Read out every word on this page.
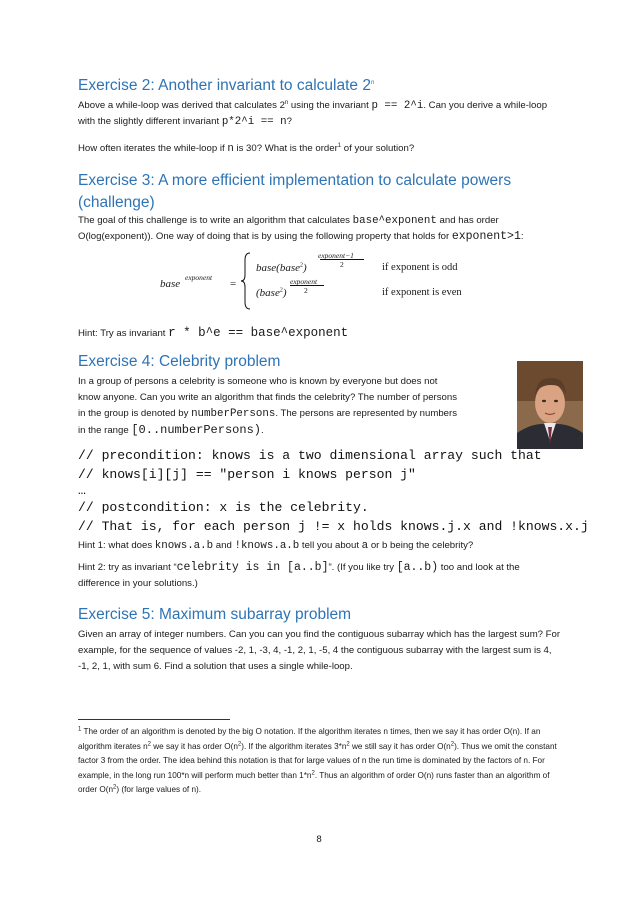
Exercise 2: Another invariant to calculate 2$^n$

Above a while-loop was derived that calculates 2$^n$ using the invariant p == 2^i. Can you derive a while-loop with the slightly different invariant p*2^i == n?

How often iterates the while-loop if n is 30? What is the order$^1$ of your solution?

Exercise 3: A more efficient implementation to calculate powers (challenge)

The goal of this challenge is to write an algorithm that calculates base^exponent and has order O(log(exponent)). One way of doing that is by using the following property that holds for exponent>1:

base
exponent
=
base(base$^2$)
exponent−1
2
(base$^2$)
exponent
2
if exponent is odd
if exponent is even

Hint: Try as invariant r * b^e == base^exponent

Exercise 4: Celebrity problem

In a group of persons a celebrity is someone who is known by everyone but does not
know anyone. Can you write an algorithm that finds the celebrity? The number of persons
in the group is denoted by numberPersons. The persons are represented by numbers
in the range [0..numberPersons).

// precondition: knows is a two dimensional array such that
// knows[i][j] == "person i knows person j"
…
// postcondition: x is the celebrity.
// That is, for each person j != x holds knows.j.x and !knows.x.j

Hint 1: what does knows.a.b and !knows.a.b tell you about a or b being the celebrity?

Hint 2: try as invariant “celebrity is in [a..b]”. (If you like try [a..b) too and look at the difference in your solutions.)

Exercise 5: Maximum subarray problem

Given an array of integer numbers. Can you can you find the contiguous subarray which has the largest sum? For example, for the sequence of values -2, 1, -3, 4, -1, 2, 1, -5, 4 the contiguous subarray with the largest sum is 4, -1, 2, 1, with sum 6. Find a solution that uses a single while-loop.

$^1$ The order of an algorithm is denoted by the big O notation. If the algorithm iterates n times, then we say it has order O(n). If an algorithm iterates $n^2$ we say it has order $O(n^2)$. If the algorithm iterates $3*n^2$ we still say it has order $O(n^2)$. Thus we omit the constant factor 3 from the order. The idea behind this notation is that for large values of n the run time is dominated by the factors of n. For example, in the long run 100*n will perform much better than $1*n^2$. Thus an algorithm of order O(n) runs faster than an algorithm of order $O(n^2)$ (for large values of n).

8
